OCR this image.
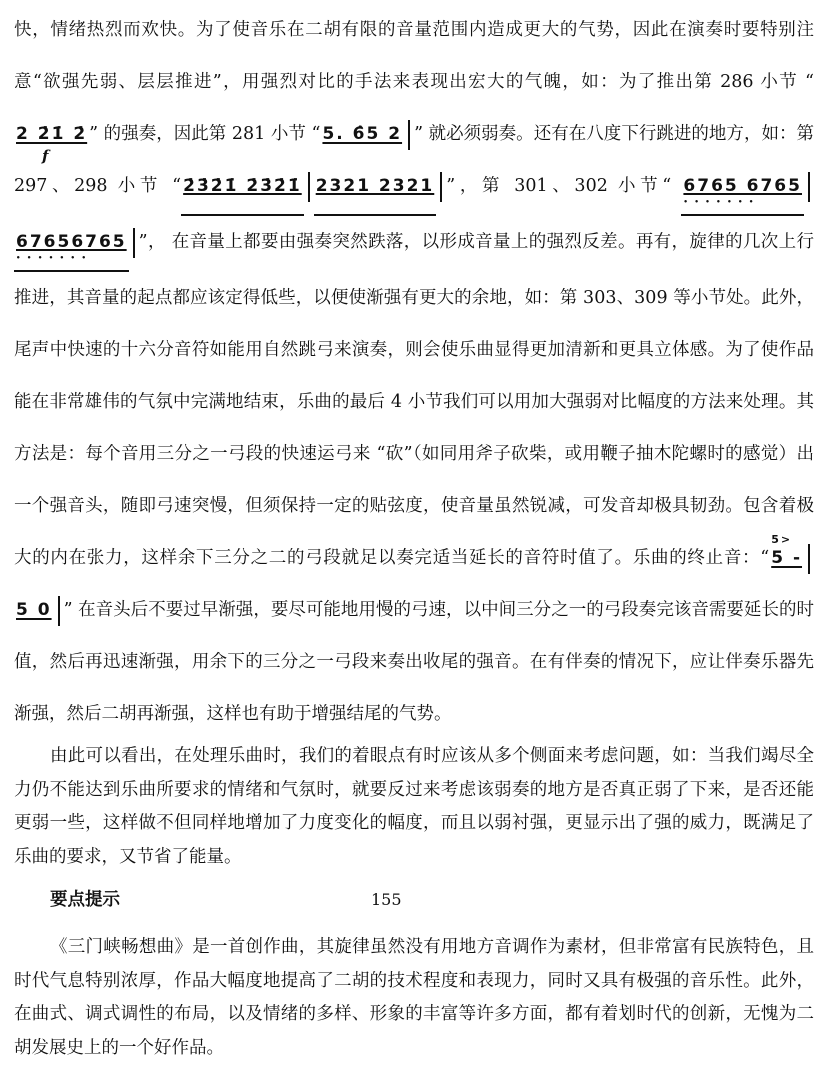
快，情绪热烈而欢快。为了使音乐在二胡有限的音量范围内造成更大的气势，因此在演奏时要特别注意“欲强先弱、层层推进”，用强烈对比的手法来表现出宏大的气魄，如：为了推出第 286 小节 “2 2̇1̇ 2̇
f
” 的强奏，因此第 281 小节 “ 5. 6̂5 2 ” 就必须弱奏。还有在八度下行跳进的地方，如：第 297、298 小节 “ 2̇3̇2̇1̇ 2̇3̇2̇1̇ 2321 2321 ”，第 301、302 小节“ 6765 6765 • • •67656765 • • • ”， 在音量上都要由强奏突然跌落，以形成音量上的强烈反差。再有，旋律的几次上行推进，其音量的起点都应该定得低些，以便使渐强有更大的余地，如：第 303、309 等小节处。此外，尾声中快速的十六分音符如能用自然跳弓来演奏，则会使乐曲显得更加清新和更具立体感。为了使作品能在非常雄伟的气氛中完满地结束，乐曲的最后 4 小节我们可以用加大强弱对比幅度的方法来处理。其方法是：每个音用三分之一弓段的快速运弓来 “砍”（如同用斧子砍柴，或用鞭子抽木陀螺时的感觉）出一个强音头，随即弓速突慢，但须保持一定的贴弦度，使音量虽然锐减，可发音却极具韧劲。包含着极大的内在张力，这样余下三分之二的弓段就足以奏完适当延长的音符时值了。乐曲的终止音：“
5>
5 -5 0 ” 在音头后不要过早渐强，要尽可能地用慢的弓速，以中间三分之一的弓段奏完该音需要延长的时值，然后再迅速渐强，用余下的三分之一弓段来奏出收尾的强音。在有伴奏的情况下，应让伴奏乐器先渐强，然后二胡再渐强，这样也有助于增强结尾的气势。

由此可以看出，在处理乐曲时，我们的着眼点有时应该从多个侧面来考虑问题，如：当我们竭尽全力仍不能达到乐曲所要求的情绪和气氛时，就要反过来考虑该弱奏的地方是否真正弱了下来，是否还能更弱一些，这样做不但同样地增加了力度变化的幅度，而且以弱衬强，更显示出了强的威力，既满足了乐曲的要求，又节省了能量。

要点提示

《三门峡畅想曲》是一首创作曲，其旋律虽然没有用地方音调作为素材，但非常富有民族特色，且时代气息特别浓厚，作品大幅度地提高了二胡的技术程度和表现力，同时又具有极强的音乐性。此外，在曲式、调式调性的布局，以及情绪的多样、形象的丰富等许多方面，都有着划时代的创新，无愧为二胡发展史上的一个好作品。

155
